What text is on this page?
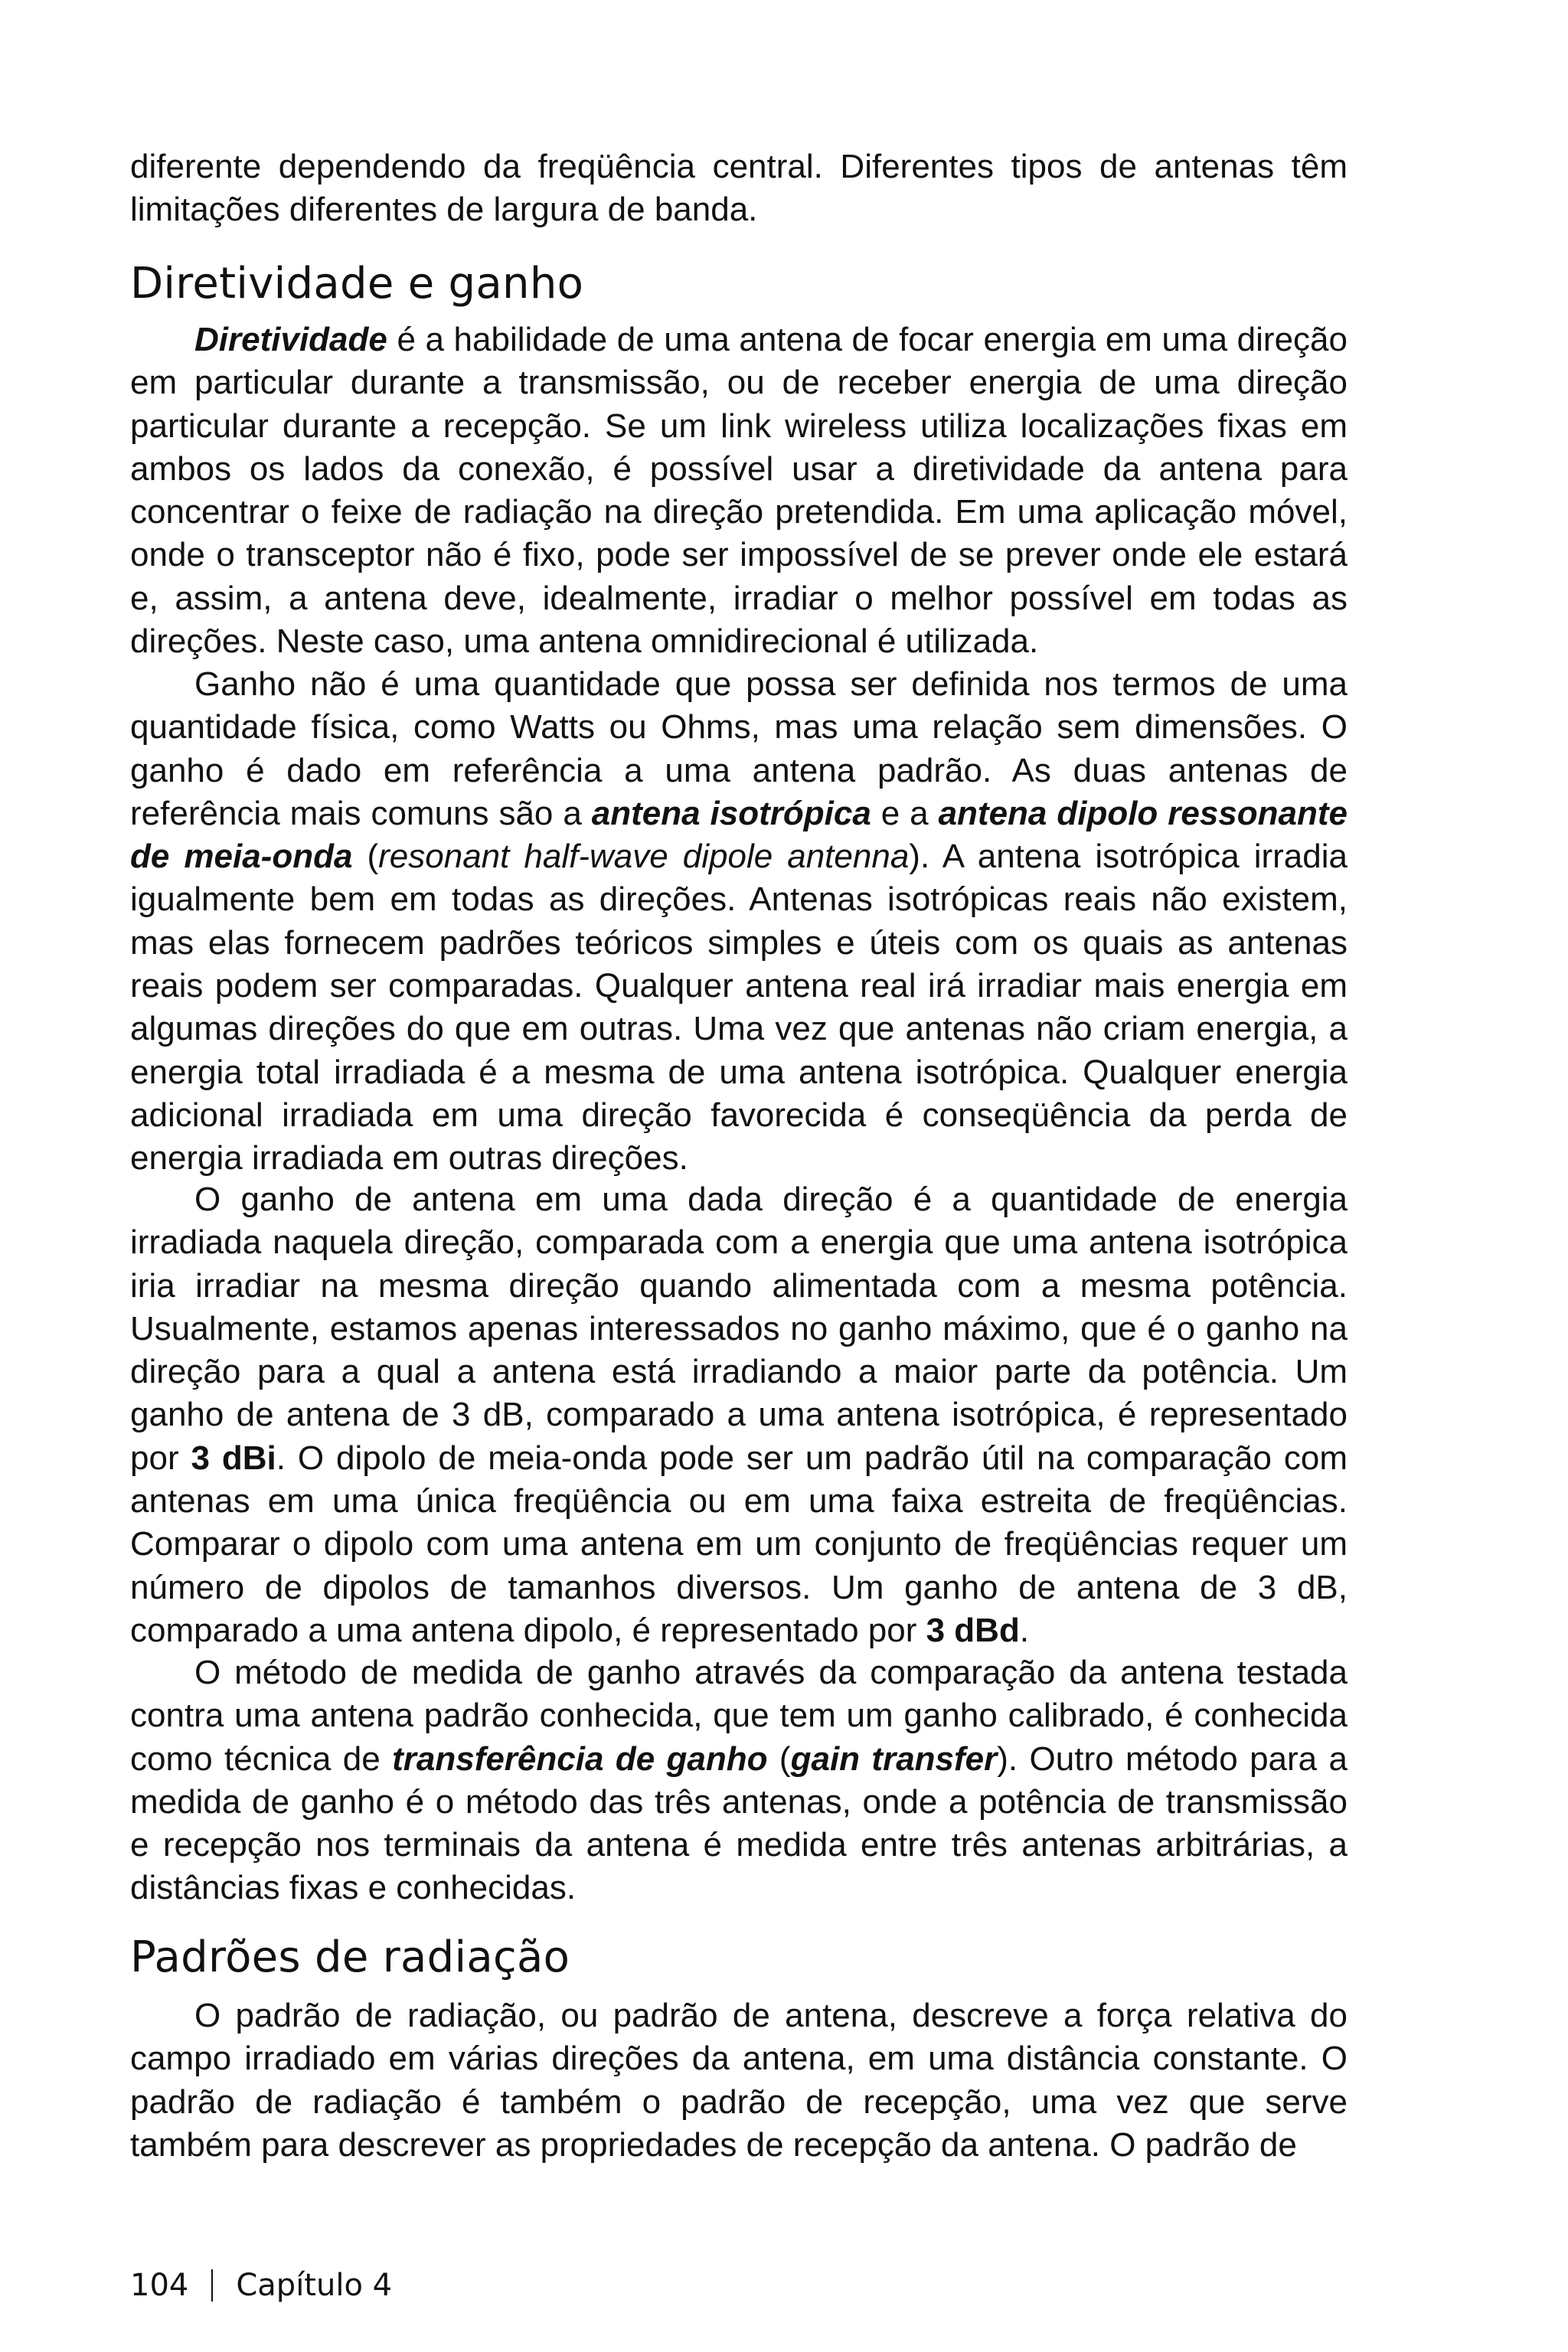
diferente dependendo da freqüência central. Diferentes tipos de antenas têm limitações diferentes de largura de banda.

Diretividade e ganho

Diretividade é a habilidade de uma antena de focar energia em uma direção em particular durante a transmissão, ou de receber energia de uma direção particular durante a recepção. Se um link wireless utiliza localizações fixas em ambos os lados da conexão, é possível usar a diretividade da antena para concentrar o feixe de radiação na direção pretendida. Em uma aplicação móvel, onde o transceptor não é fixo, pode ser impossível de se prever onde ele estará e, assim, a antena deve, idealmente, irradiar o melhor possível em todas as direções. Neste caso, uma antena omnidirecional é utilizada.

Ganho não é uma quantidade que possa ser definida nos termos de uma quantidade física, como Watts ou Ohms, mas uma relação sem dimensões. O ganho é dado em referência a uma antena padrão. As duas antenas de referência mais comuns são a antena isotrópica e a antena dipolo ressonante de meia-onda (resonant half-wave dipole antenna). A antena isotrópica irradia igualmente bem em todas as direções. Antenas isotrópicas reais não existem, mas elas fornecem padrões teóricos simples e úteis com os quais as antenas reais podem ser comparadas. Qualquer antena real irá irradiar mais energia em algumas direções do que em outras. Uma vez que antenas não criam energia, a energia total irradiada é a mesma de uma antena isotrópica. Qualquer energia adicional irradiada em uma direção favorecida é conseqüência da perda de energia irradiada em outras direções.

O ganho de antena em uma dada direção é a quantidade de energia irradiada naquela direção, comparada com a energia que uma antena isotrópica iria irradiar na mesma direção quando alimentada com a mesma potência. Usualmente, estamos apenas interessados no ganho máximo, que é o ganho na direção para a qual a antena está irradiando a maior parte da potência. Um ganho de antena de 3 dB, comparado a uma antena isotrópica, é representado por 3 dBi. O dipolo de meia-onda pode ser um padrão útil na comparação com antenas em uma única freqüência ou em uma faixa estreita de freqüências. Comparar o dipolo com uma antena em um conjunto de freqüências requer um número de dipolos de tamanhos diversos. Um ganho de antena de 3 dB, comparado a uma antena dipolo, é representado por 3 dBd.

O método de medida de ganho através da comparação da antena testada contra uma antena padrão conhecida, que tem um ganho calibrado, é conhecida como técnica de transferência de ganho (gain transfer). Outro método para a medida de ganho é o método das três antenas, onde a potência de transmissão e recepção nos terminais da antena é medida entre três antenas arbitrárias, a distâncias fixas e conhecidas.

Padrões de radiação

O padrão de radiação, ou padrão de antena, descreve a força relativa do campo irradiado em várias direções da antena, em uma distância constante. O padrão de radiação é também o padrão de recepção, uma vez que serve também para descrever as propriedades de recepção da antena. O padrão de

104 Capítulo 4
